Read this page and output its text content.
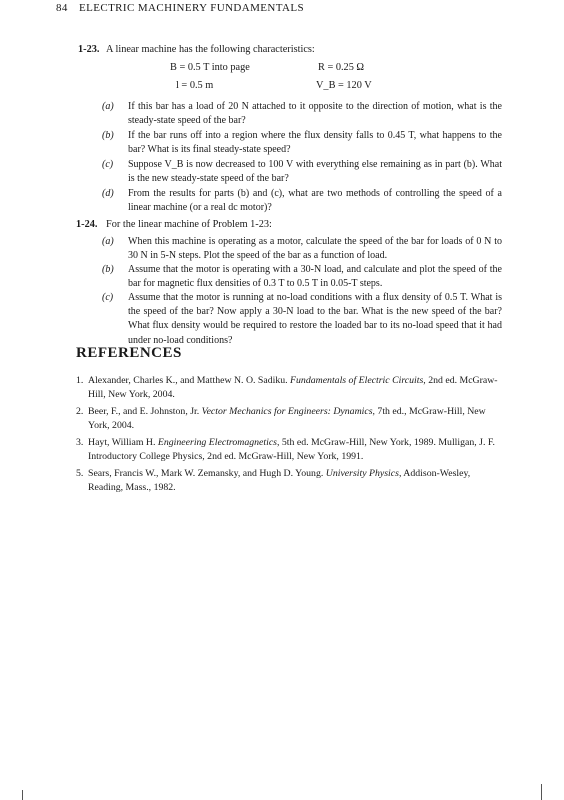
84 ELECTRIC MACHINERY FUNDAMENTALS
1-23. A linear machine has the following characteristics:
B = 0.5 T into page	R = 0.25 Ω
l = 0.5 m	V_B = 120 V
(a) If this bar has a load of 20 N attached to it opposite to the direction of motion, what is the steady-state speed of the bar?
(b) If the bar runs off into a region where the flux density falls to 0.45 T, what happens to the bar? What is its final steady-state speed?
(c) Suppose V_B is now decreased to 100 V with everything else remaining as in part (b). What is the new steady-state speed of the bar?
(d) From the results for parts (b) and (c), what are two methods of controlling the speed of a linear machine (or a real dc motor)?
1-24. For the linear machine of Problem 1-23:
(a) When this machine is operating as a motor, calculate the speed of the bar for loads of 0 N to 30 N in 5-N steps. Plot the speed of the bar as a function of load.
(b) Assume that the motor is operating with a 30-N load, and calculate and plot the speed of the bar for magnetic flux densities of 0.3 T to 0.5 T in 0.05-T steps.
(c) Assume that the motor is running at no-load conditions with a flux density of 0.5 T. What is the speed of the bar? Now apply a 30-N load to the bar. What is the new speed of the bar? What flux density would be required to restore the loaded bar to its no-load speed that it had under no-load conditions?
REFERENCES
1. Alexander, Charles K., and Matthew N. O. Sadiku. Fundamentals of Electric Circuits, 2nd ed. McGraw-Hill, New York, 2004.
2. Beer, F., and E. Johnston, Jr. Vector Mechanics for Engineers: Dynamics, 7th ed., McGraw-Hill, New York, 2004.
3. Hayt, William H. Engineering Electromagnetics, 5th ed. McGraw-Hill, New York, 1989. Mulligan, J. F. Introductory College Physics, 2nd ed. McGraw-Hill, New York, 1991.
5. Sears, Francis W., Mark W. Zemansky, and Hugh D. Young. University Physics, Addison-Wesley, Reading, Mass., 1982.
